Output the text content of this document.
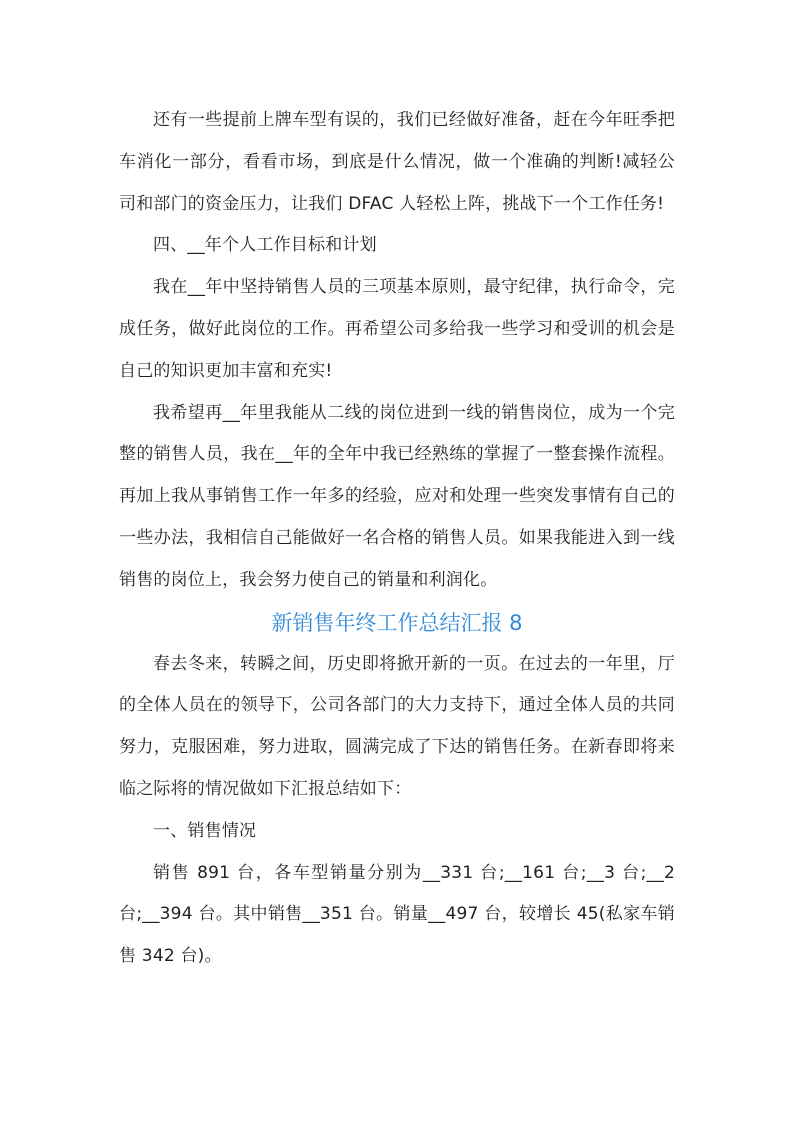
还有一些提前上牌车型有误的，我们已经做好准备，赶在今年旺季把车消化一部分，看看市场，到底是什么情况，做一个准确的判断!减轻公司和部门的资金压力，让我们 DFAC 人轻松上阵，挑战下一个工作任务!

四、__年个人工作目标和计划

我在__年中坚持销售人员的三项基本原则，最守纪律，执行命令，完成任务，做好此岗位的工作。再希望公司多给我一些学习和受训的机会是自己的知识更加丰富和充实!

我希望再__年里我能从二线的岗位进到一线的销售岗位，成为一个完整的销售人员，我在__年的全年中我已经熟练的掌握了一整套操作流程。再加上我从事销售工作一年多的经验，应对和处理一些突发事情有自己的一些办法，我相信自己能做好一名合格的销售人员。如果我能进入到一线销售的岗位上，我会努力使自己的销量和利润化。

新销售年终工作总结汇报 8

春去冬来，转瞬之间，历史即将掀开新的一页。在过去的一年里，厅的全体人员在的领导下，公司各部门的大力支持下，通过全体人员的共同努力，克服困难，努力进取，圆满完成了下达的销售任务。在新春即将来临之际将的情况做如下汇报总结如下：

一、销售情况

销售 891 台，各车型销量分别为__331 台;__161 台;__3 台;__2 台;__394 台。其中销售__351 台。销量__497 台，较增长 45(私家车销售 342 台)。
